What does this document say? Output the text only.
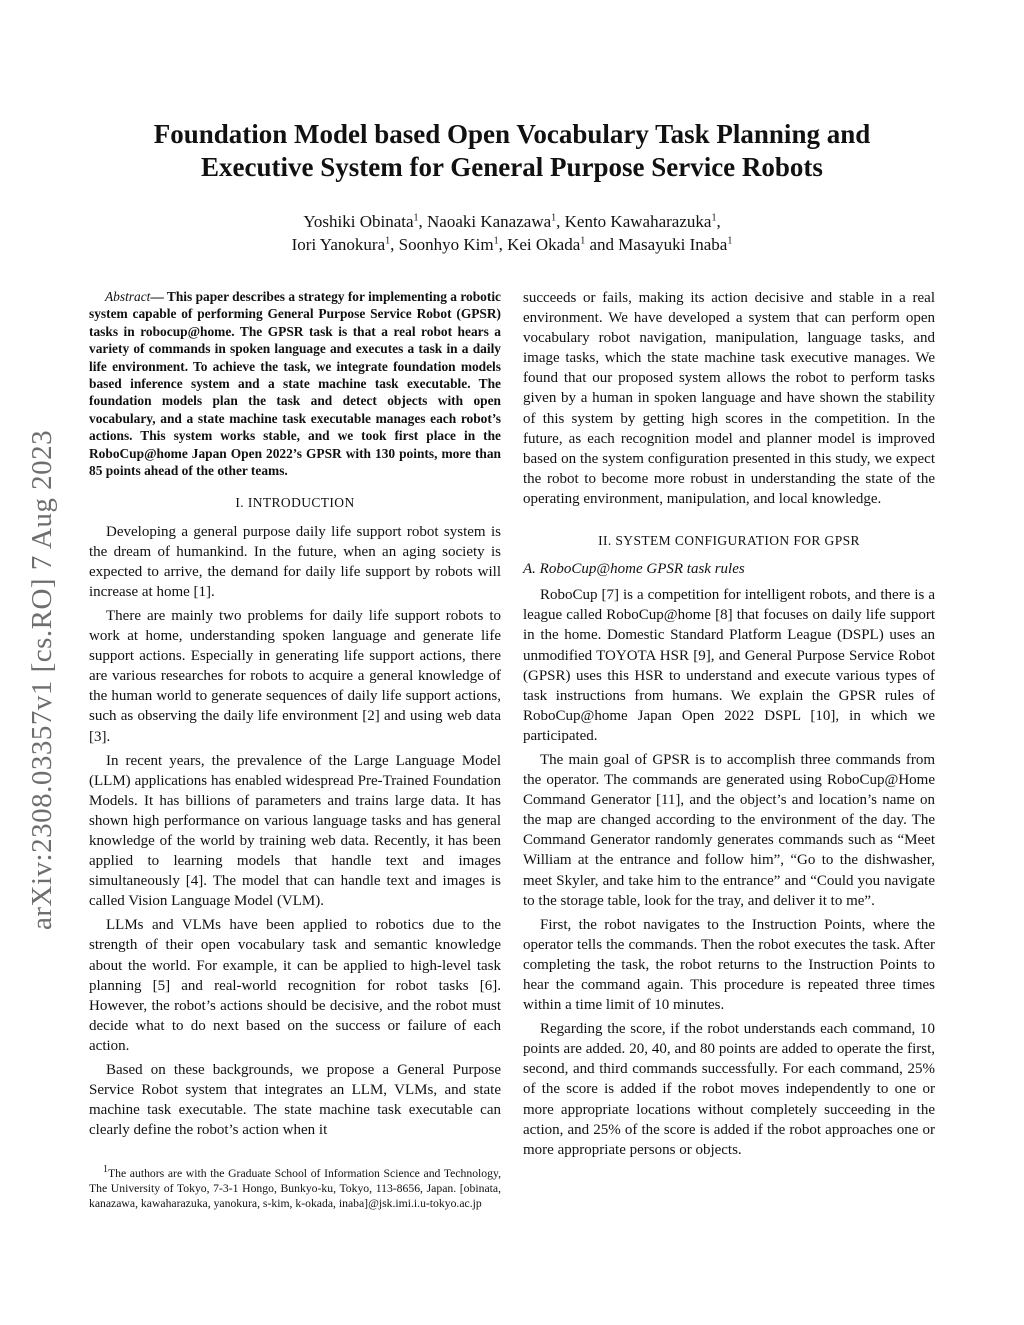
arXiv:2308.03357v1 [cs.RO] 7 Aug 2023
Foundation Model based Open Vocabulary Task Planning and
Executive System for General Purpose Service Robots
Yoshiki Obinata$^1$, Naoaki Kanazawa$^1$, Kento Kawaharazuka$^1$,
Iori Yanokura$^1$, Soonhyo Kim$^1$, Kei Okada$^1$ and Masayuki Inaba$^1$

Abstract— This paper describes a strategy for implementing a robotic system capable of performing General Purpose Service Robot (GPSR) tasks in robocup@home. The GPSR task is that a real robot hears a variety of commands in spoken language and executes a task in a daily life environment. To achieve the task, we integrate foundation models based inference system and a state machine task executable. The foundation models plan the task and detect objects with open vocabulary, and a state machine task executable manages each robot’s actions. This system works stable, and we took first place in the RoboCup@home Japan Open 2022’s GPSR with 130 points, more than 85 points ahead of the other teams.

I. INTRODUCTION

Developing a general purpose daily life support robot system is the dream of humankind. In the future, when an aging society is expected to arrive, the demand for daily life support by robots will increase at home [1].

There are mainly two problems for daily life support robots to work at home, understanding spoken language and generate life support actions. Especially in generating life support actions, there are various researches for robots to acquire a general knowledge of the human world to generate sequences of daily life support actions, such as observing the daily life environment [2] and using web data [3].

In recent years, the prevalence of the Large Language Model (LLM) applications has enabled widespread Pre-Trained Foundation Models. It has billions of parameters and trains large data. It has shown high performance on various language tasks and has general knowledge of the world by training web data. Recently, it has been applied to learning models that handle text and images simultaneously [4]. The model that can handle text and images is called Vision Language Model (VLM).

LLMs and VLMs have been applied to robotics due to the strength of their open vocabulary task and semantic knowledge about the world. For example, it can be applied to high-level task planning [5] and real-world recognition for robot tasks [6]. However, the robot’s actions should be decisive, and the robot must decide what to do next based on the success or failure of each action.

Based on these backgrounds, we propose a General Purpose Service Robot system that integrates an LLM, VLMs, and state machine task executable. The state machine task executable can clearly define the robot’s action when it

$^1$The authors are with the Graduate School of Information Science and Technology, The University of Tokyo, 7-3-1 Hongo, Bunkyo-ku, Tokyo, 113-8656, Japan. [obinata, kanazawa, kawaharazuka, yanokura, s-kim, k-okada, inaba]@jsk.imi.i.u-tokyo.ac.jp

succeeds or fails, making its action decisive and stable in a real environment. We have developed a system that can perform open vocabulary robot navigation, manipulation, language tasks, and image tasks, which the state machine task executive manages. We found that our proposed system allows the robot to perform tasks given by a human in spoken language and have shown the stability of this system by getting high scores in the competition. In the future, as each recognition model and planner model is improved based on the system configuration presented in this study, we expect the robot to become more robust in understanding the state of the operating environment, manipulation, and local knowledge.

II. SYSTEM CONFIGURATION FOR GPSR
A. RoboCup@home GPSR task rules

RoboCup [7] is a competition for intelligent robots, and there is a league called RoboCup@home [8] that focuses on daily life support in the home. Domestic Standard Platform League (DSPL) uses an unmodified TOYOTA HSR [9], and General Purpose Service Robot (GPSR) uses this HSR to understand and execute various types of task instructions from humans. We explain the GPSR rules of RoboCup@home Japan Open 2022 DSPL [10], in which we participated.

The main goal of GPSR is to accomplish three commands from the operator. The commands are generated using RoboCup@Home Command Generator [11], and the object’s and location’s name on the map are changed according to the environment of the day. The Command Generator randomly generates commands such as “Meet William at the entrance and follow him”, “Go to the dishwasher, meet Skyler, and take him to the entrance” and “Could you navigate to the storage table, look for the tray, and deliver it to me”.

First, the robot navigates to the Instruction Points, where the operator tells the commands. Then the robot executes the task. After completing the task, the robot returns to the Instruction Points to hear the command again. This procedure is repeated three times within a time limit of 10 minutes.

Regarding the score, if the robot understands each command, 10 points are added. 20, 40, and 80 points are added to operate the first, second, and third commands successfully. For each command, 25% of the score is added if the robot moves independently to one or more appropriate locations without completely succeeding in the action, and 25% of the score is added if the robot approaches one or more appropriate persons or objects.
